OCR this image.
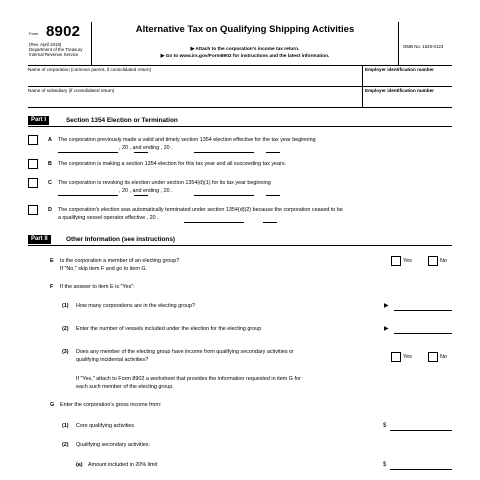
Form 8902
(Rev. April 2018)
Department of the Treasury Internal Revenue Service
Alternative Tax on Qualifying Shipping Activities
▶ Attach to the corporation's income tax return.
▶ Go to www.irs.gov/Form8902 for instructions and the latest information.
OMB No. 1545-0123
Name of corporation (common parent, if consolidated return)	Employer identification number
Name of subsidiary (if consolidated return)	Employer identification number
Part I	Section 1354 Election or Termination
A The corporation previously made a valid and timely section 1354 election effective for the tax year beginning
, 20 , and ending , 20 .
B The corporation is making a section 1354 election for this tax year and all succeeding tax years.
C The corporation is revoking its election under section 1354(d)(1) for its tax year beginning
, 20 , and ending , 20 .
D The corporation's election was automatically terminated under section 1354(d)(2) because the corporation ceased to be
a qualifying vessel operator effective , 20 .
Part II	Other Information (see instructions)
E Is the corporation a member of an electing group?
If "No," skip item F and go to item G.
Yes	No
F If the answer to item E is "Yes":
(1) How many corporations are in the electing group?	▶
(2) Enter the number of vessels included under the election for the electing group	▶
(3) Does any member of the electing group have income from qualifying secondary activities or
qualifying incidental activities?	Yes	No
If "Yes," attach to Form 8902 a worksheet that provides the information requested in item G for
each such member of the electing group.
G Enter the corporation's gross income from:
(1) Core qualifying activities	$
(2) Qualifying secondary activities:
(a) Amount included in 20% limit	$
